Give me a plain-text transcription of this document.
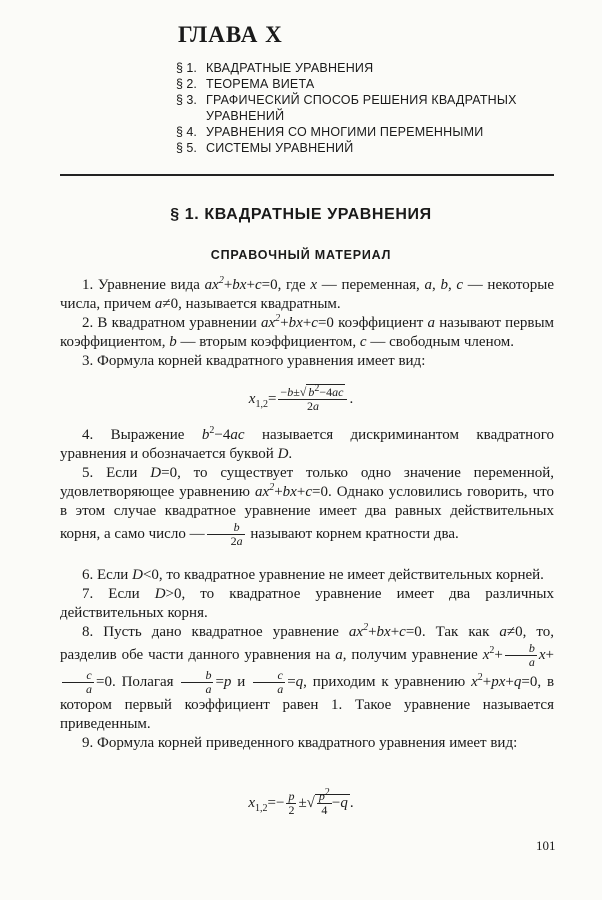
ГЛАВА X
§ 1. КВАДРАТНЫЕ УРАВНЕНИЯ
§ 2. ТЕОРЕМА ВИЕТА
§ 3. ГРАФИЧЕСКИЙ СПОСОБ РЕШЕНИЯ КВАДРАТНЫХ УРАВНЕНИЙ
§ 4. УРАВНЕНИЯ СО МНОГИМИ ПЕРЕМЕННЫМИ
§ 5. СИСТЕМЫ УРАВНЕНИЙ
§ 1. КВАДРАТНЫЕ УРАВНЕНИЯ
СПРАВОЧНЫЙ МАТЕРИАЛ

1. Уравнение вида $ax^2+bx+c=0$, где x — переменная, a, b, c — некоторые числа, причем a≠0, называется квадратным.

2. В квадратном уравнении $ax^2+bx+c=0$ коэффициент a называют первым коэффициентом, b — вторым коэффициентом, c — свободным членом.

3. Формула корней квадратного уравнения имеет вид:

$x_{1,2}= \frac{-b\pm√ b^2-4ac}{2a}$ .

4. Выражение $b^2-4ac$ называется дискриминантом квадратного уравнения и обозначается буквой D.

5. Если D=0, то существует только одно значение переменной, удовлетворяющее уравнению $ax^2+bx+c=0$. Однако условились говорить, что в этом случае квадратное уравнение имеет два равных действительных корня, а само число — $\frac{b}{2a}$ называют корнем кратности два.

6. Если D<0, то квадратное уравнение не имеет действительных корней.

7. Если D>0, то квадратное уравнение имеет два различных действительных корня.

8. Пусть дано квадратное уравнение $ax^2+bx+c=0$. Так как a≠0, то, разделив обе части данного уравнения на a, получим уравнение $x^2+ \frac{b}{a} x+$
$\frac{c}{a} =0$. Полагая $\frac{b}{a} =p$ и $\frac{c}{a} =q$, приходим к уравнению $x^2+px+q=0$, в котором первый коэффициент равен 1. Такое уравнение называется приведенным.

9. Формула корней приведенного квадратного уравнения имеет вид:

$x_{1,2}=- \frac{p}{2}$ ±√ $\frac{p^2}{4} -q$ .
101
